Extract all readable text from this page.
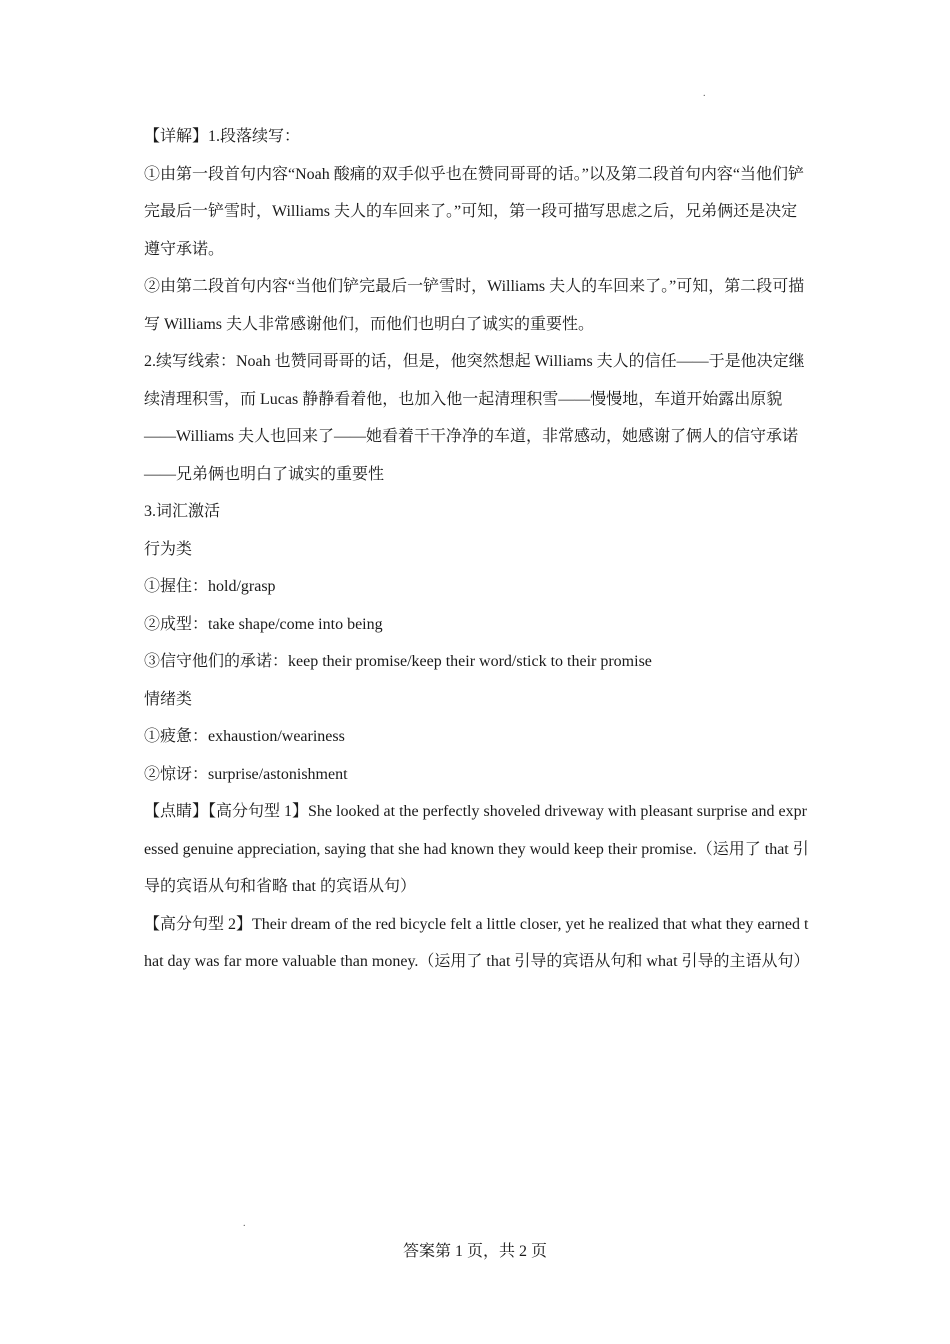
.

【详解】1.段落续写：

①由第一段首句内容“Noah 酸痛的双手似乎也在赞同哥哥的话。”以及第二段首句内容“当他们铲完最后一铲雪时，Williams 夫人的车回来了。”可知，第一段可描写思虑之后，兄弟俩还是决定遵守承诺。

②由第二段首句内容“当他们铲完最后一铲雪时，Williams 夫人的车回来了。”可知，第二段可描写 Williams 夫人非常感谢他们，而他们也明白了诚实的重要性。

2.续写线索：Noah 也赞同哥哥的话，但是，他突然想起 Williams 夫人的信任——于是他决定继续清理积雪，而 Lucas 静静看着他，也加入他一起清理积雪——慢慢地，车道开始露出原貌——Williams 夫人也回来了——她看着干干净净的车道，非常感动，她感谢了俩人的信守承诺——兄弟俩也明白了诚实的重要性

3.词汇激活

行为类

①握住：hold/grasp

②成型：take shape/come into being

③信守他们的承诺：keep their promise/keep their word/stick to their promise

情绪类

①疲惫：exhaustion/weariness

②惊讶：surprise/astonishment

【点睛】【高分句型 1】She looked at the perfectly shoveled driveway with pleasant surprise and expressed genuine appreciation, saying that she had known they would keep their promise.（运用了 that 引导的宾语从句和省略 that 的宾语从句）

【高分句型 2】Their dream of the red bicycle felt a little closer, yet he realized that what they earned that day was far more valuable than money.（运用了 that 引导的宾语从句和 what 引导的主语从句）

.
答案第 1 页，共 2 页
